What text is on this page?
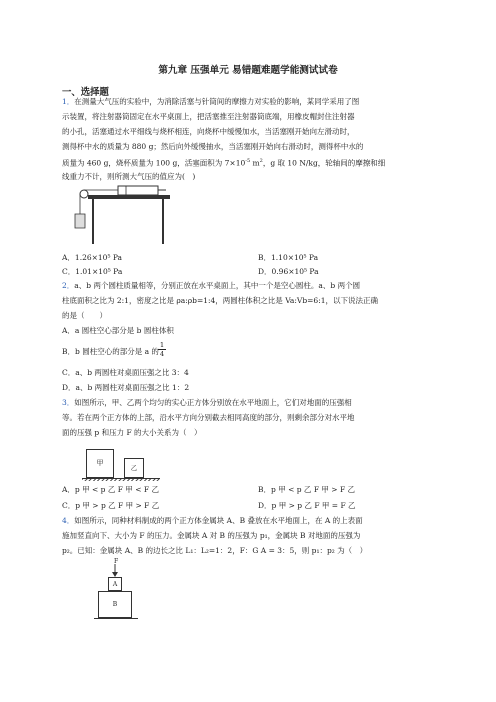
第九章 压强单元 易错题难题学能测试试卷
一、选择题
1．在测量大气压的实验中，为消除活塞与针筒间的摩擦力对实验的影响，某同学采用了图
示装置，将注射器筒固定在水平桌面上，把活塞推至注射器筒底端，用橡皮帽封住注射器
的小孔，活塞通过水平细线与烧杯相连，向烧杯中缓慢加水，当活塞刚开始向左滑动时，
测得杯中水的质量为 880 g；然后向外缓慢抽水，当活塞刚开始向右滑动时，测得杯中水的
质量为 460 g，烧杯质量为 100 g，活塞面积为 $7\times 10^{-5}$ $m^2$，g 取 10 N/kg，轮轴间的摩擦和细
线重力不计，则所测大气压的值应为(　)
A．1.26×10⁵ Pa	B．1.10×10⁵ Pa
C．1.01×10⁵ Pa	D．0.96×10⁵ Pa
2．a、b 两个圆柱质量相等，分别正放在水平桌面上，其中一个是空心圆柱。a、b 两个圆
柱底面积之比为 2:1，密度之比是 ρa:ρb=1:4，两圆柱体积之比是 Va:Vb=6:1，以下说法正确
的是（　　）
A．a 圆柱空心部分是 b 圆柱体积
B．b 圆柱空心的部分是 a 的 $\frac{1}{4}$
C．a、b 两圆柱对桌面压强之比 3：4
D．a、b 两圆柱对桌面压强之比 1：2
3．如图所示，甲、乙两个均匀的实心正方体分别放在水平地面上，它们对地面的压强相
等。若在两个正方体的上部，沿水平方向分别截去相同高度的部分，则剩余部分对水平地
面的压强 p 和压力 F 的大小关系为（　）
甲
乙
A．p 甲 < p 乙 F 甲 < F 乙	B．p 甲 < p 乙 F 甲 > F 乙
C．p 甲 > p 乙 F 甲 > F 乙	D．p 甲 > p 乙 F 甲 = F 乙
4．如图所示，同种材料制成的两个正方体金属块 A、B 叠放在水平地面上，在 A 的上表面
施加竖直向下、大小为 F 的压力。金属块 A 对 B 的压强为 p₁，金属块 B 对地面的压强为
p₂。已知：金属块 A、B 的边长之比 L₁：L₂=1：2，F：G A = 3：5，则 p₁：p₂ 为（　）
F
A
B
